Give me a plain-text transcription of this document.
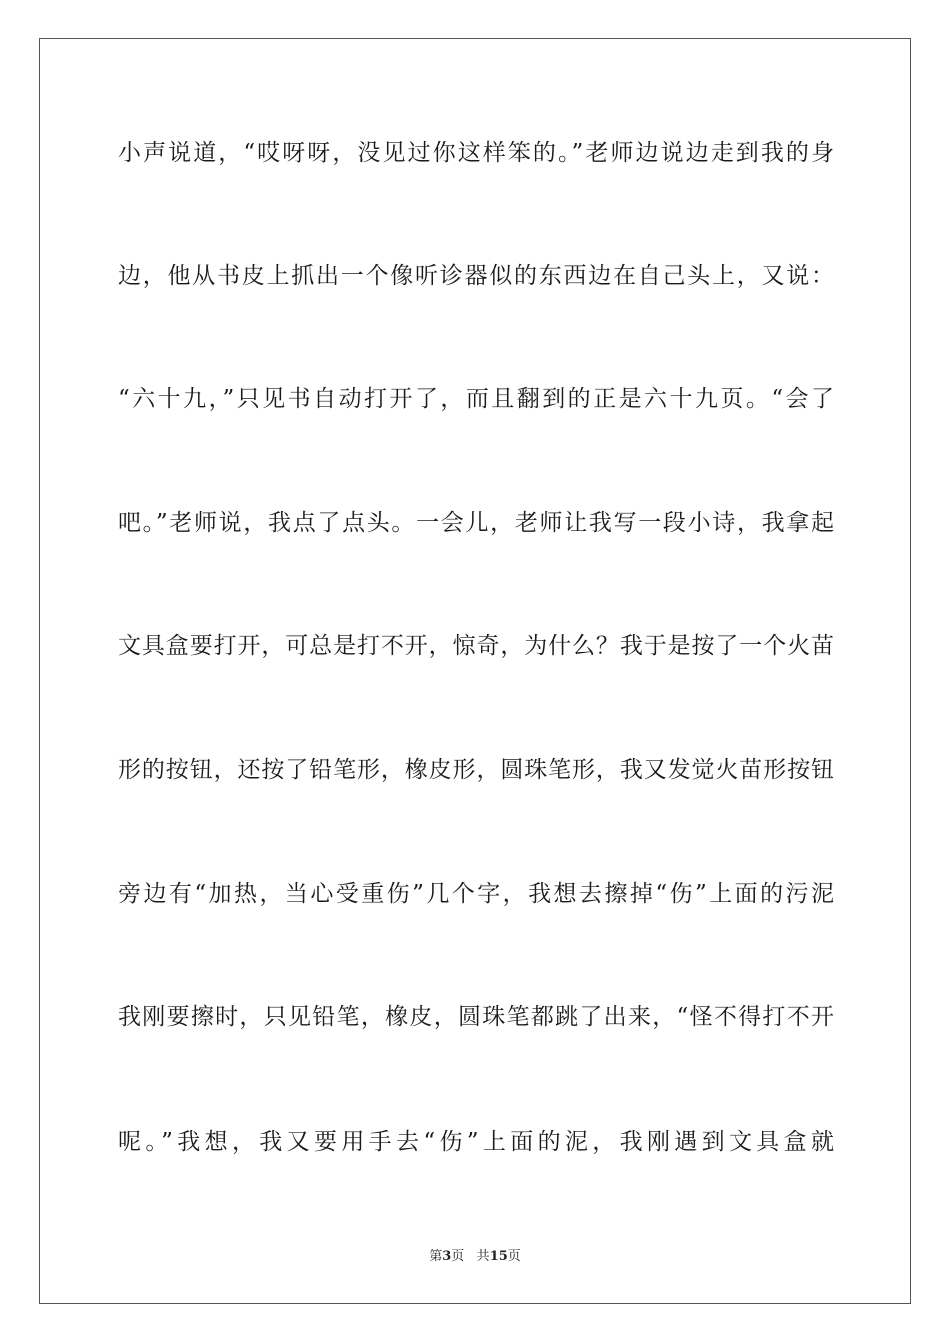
小声说道，“哎呀呀，没见过你这样笨的。”老师边说边走到我的身
边，他从书皮上抓出一个像听诊器似的东西边在自己头上，又说：
“六十九，”只见书自动打开了，而且翻到的正是六十九页。“会了
吧。”老师说，我点了点头。一会儿，老师让我写一段小诗，我拿起
文具盒要打开，可总是打不开，惊奇，为什么？我于是按了一个火苗
形的按钮，还按了铅笔形，橡皮形，圆珠笔形，我又发觉火苗形按钮
旁边有“加热，当心受重伤”几个字，我想去擦掉“伤”上面的污泥
我刚要擦时，只见铅笔，橡皮，圆珠笔都跳了出来，“怪不得打不开
呢。”我想，我又要用手去“伤”上面的泥，我刚遇到文具盒就
第3页 共15页
